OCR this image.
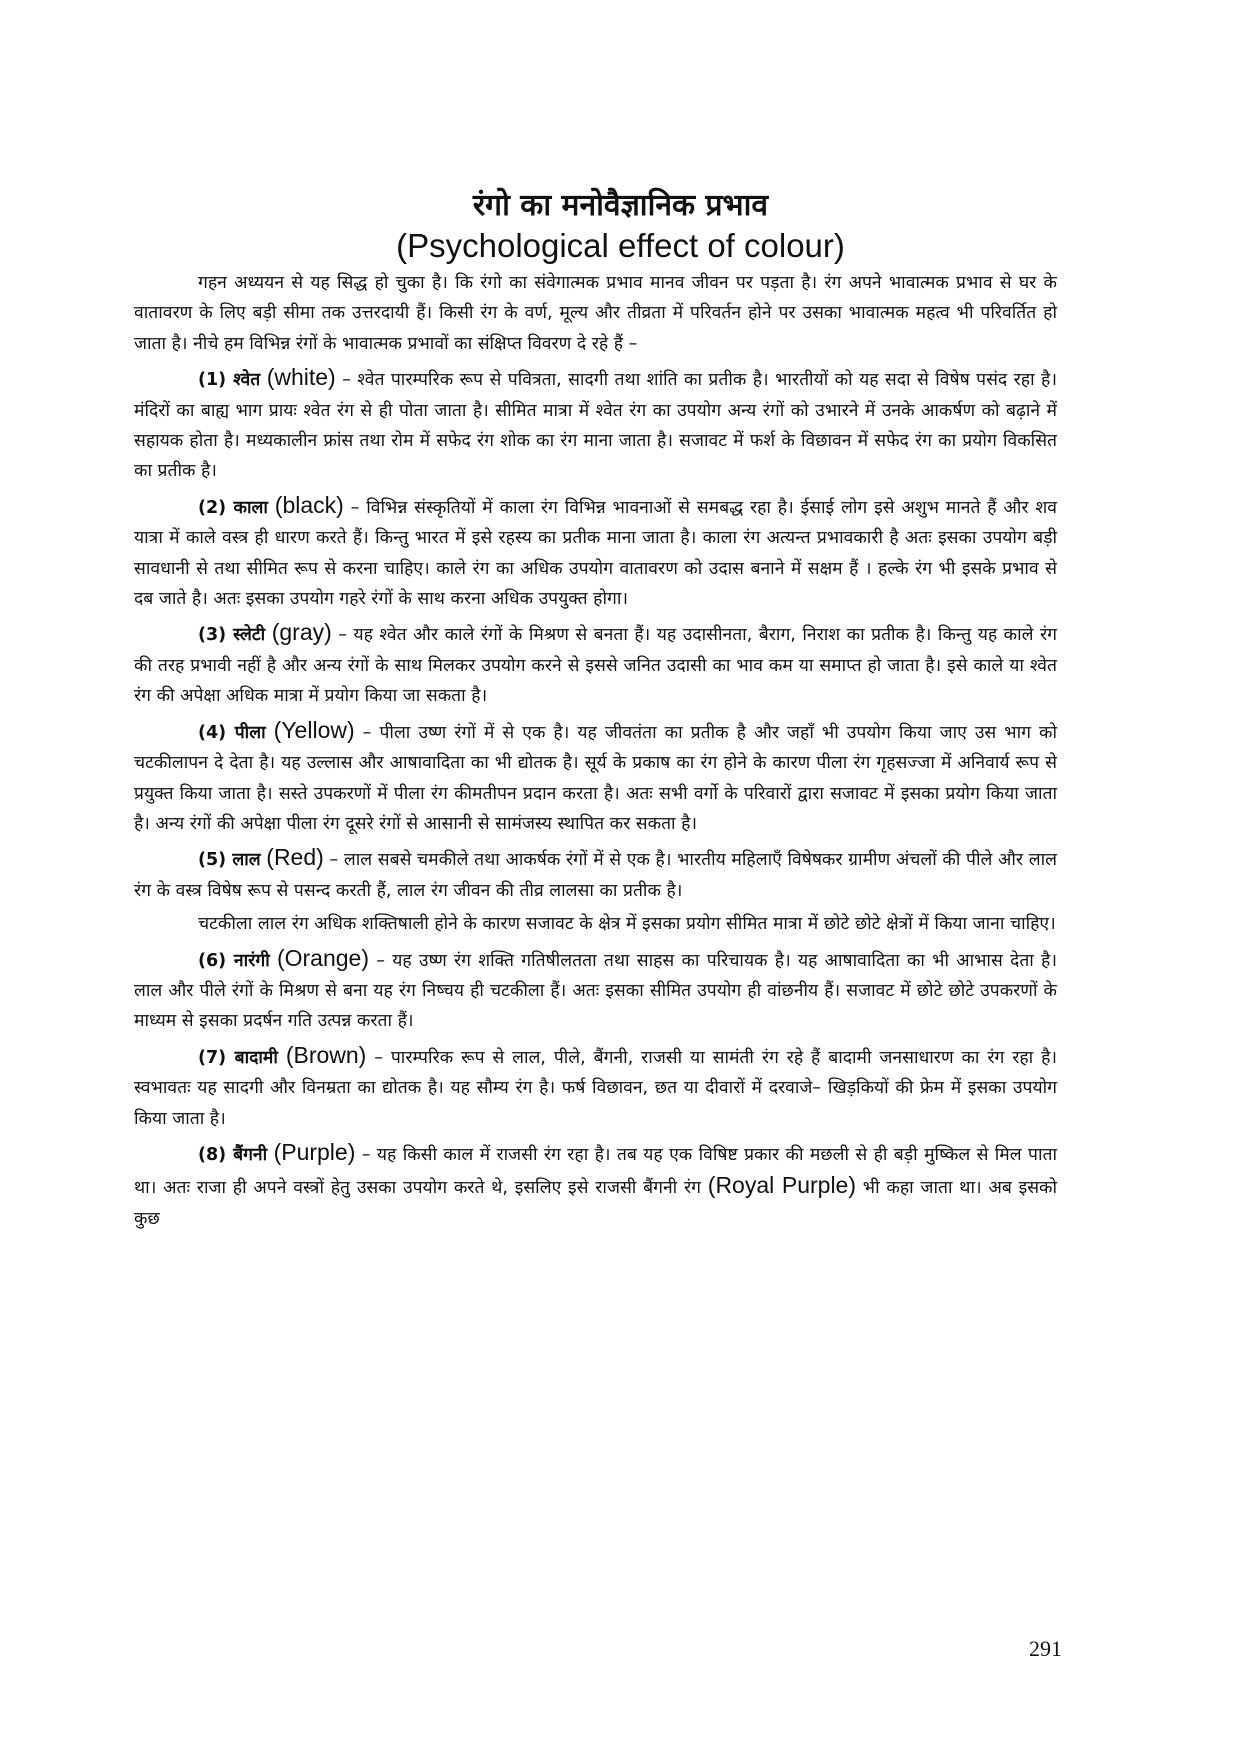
रंगो का मनोवैज्ञानिक प्रभाव
(Psychological effect of colour)

गहन अध्ययन से यह सिद्ध हो चुका है। कि रंगो का संवेगात्मक प्रभाव मानव जीवन पर पड़ता है। रंग अपने भावात्मक प्रभाव से घर के वातावरण के लिए बड़ी सीमा तक उत्तरदायी हैं। किसी रंग के वर्ण, मूल्य और तीव्रता में परिवर्तन होने पर उसका भावात्मक महत्व भी परिवर्तित हो जाता है। नीचे हम विभिन्न रंगों के भावात्मक प्रभावों का संक्षिप्त विवरण दे रहे हैं –

(1) श्वेत (white) – श्वेत पारम्परिक रूप से पवित्रता, सादगी तथा शांति का प्रतीक है। भारतीयों को यह सदा से विषेष पसंद रहा है। मंदिरों का बाह्य भाग प्रायः श्वेत रंग से ही पोता जाता है। सीमित मात्रा में श्वेत रंग का उपयोग अन्य रंगों को उभारने में उनके आकर्षण को बढ़ाने में सहायक होता है। मध्यकालीन फ्रांस तथा रोम में सफेद रंग शोक का रंग माना जाता है। सजावट में फर्श के विछावन में सफेद रंग का प्रयोग विकसित का प्रतीक है।

(2) काला (black) – विभिन्न संस्कृतियों में काला रंग विभिन्न भावनाओं से समबद्ध रहा है। ईसाई लोग इसे अशुभ मानते हैं और शव यात्रा में काले वस्त्र ही धारण करते हैं। किन्तु भारत में इसे रहस्य का प्रतीक माना जाता है। काला रंग अत्यन्त प्रभावकारी है अतः इसका उपयोग बड़ी सावधानी से तथा सीमित रूप से करना चाहिए। काले रंग का अधिक उपयोग वातावरण को उदास बनाने में सक्षम हैं । हल्के रंग भी इसके प्रभाव से दब जाते है। अतः इसका उपयोग गहरे रंगों के साथ करना अधिक उपयुक्त होगा।

(3) स्लेटी (gray) – यह श्वेत और काले रंगों के मिश्रण से बनता हैं। यह उदासीनता, बैराग, निराश का प्रतीक है। किन्तु यह काले रंग की तरह प्रभावी नहीं है और अन्य रंगों के साथ मिलकर उपयोग करने से इससे जनित उदासी का भाव कम या समाप्त हो जाता है। इसे काले या श्वेत रंग की अपेक्षा अधिक मात्रा में प्रयोग किया जा सकता है।

(4) पीला (Yellow) – पीला उष्ण रंगों में से एक है। यह जीवतंता का प्रतीक है और जहाँ भी उपयोग किया जाए उस भाग को चटकीलापन दे देता है। यह उल्लास और आषावादिता का भी द्योतक है। सूर्य के प्रकाष का रंग होने के कारण पीला रंग गृहसज्जा में अनिवार्य रूप से प्रयुक्त किया जाता है। सस्ते उपकरणों में पीला रंग कीमतीपन प्रदान करता है। अतः सभी वर्गो के परिवारों द्वारा सजावट में इसका प्रयोग किया जाता है। अन्य रंगों की अपेक्षा पीला रंग दूसरे रंगों से आसानी से सामंजस्य स्थापित कर सकता है।

(5) लाल (Red) – लाल सबसे चमकीले तथा आकर्षक रंगों में से एक है। भारतीय महिलाएँ विषेषकर ग्रामीण अंचलों की पीले और लाल रंग के वस्त्र विषेष रूप से पसन्द करती हैं, लाल रंग जीवन की तीव्र लालसा का प्रतीक है।

चटकीला लाल रंग अधिक शक्तिषाली होने के कारण सजावट के क्षेत्र में इसका प्रयोग सीमित मात्रा में छोटे छोटे क्षेत्रों में किया जाना चाहिए।

(6) नारंगी (Orange) – यह उष्ण रंग शक्ति गतिषीलतता तथा साहस का परिचायक है। यह आषावादिता का भी आभास देता है। लाल और पीले रंगों के मिश्रण से बना यह रंग निष्चय ही चटकीला हैं। अतः इसका सीमित उपयोग ही वांछनीय हैं। सजावट में छोटे छोटे उपकरणों के माध्यम से इसका प्रदर्षन गति उत्पन्न करता हैं।

(7) बादामी (Brown) – पारम्परिक रूप से लाल, पीले, बैंगनी, राजसी या सामंती रंग रहे हैं बादामी जनसाधारण का रंग रहा है। स्वभावतः यह सादगी और विनम्रता का द्योतक है। यह सौम्य रंग है। फर्ष विछावन, छत या दीवारों में दरवाजे– खिड़कियों की फ्रेम में इसका उपयोग किया जाता है।

(8) बैंगनी (Purple) – यह किसी काल में राजसी रंग रहा है। तब यह एक विषिष्ट प्रकार की मछली से ही बड़ी मुष्किल से मिल पाता था। अतः राजा ही अपने वस्त्रों हेतु उसका उपयोग करते थे, इसलिए इसे राजसी बैंगनी रंग (Royal Purple) भी कहा जाता था। अब इसको कुछ

291
